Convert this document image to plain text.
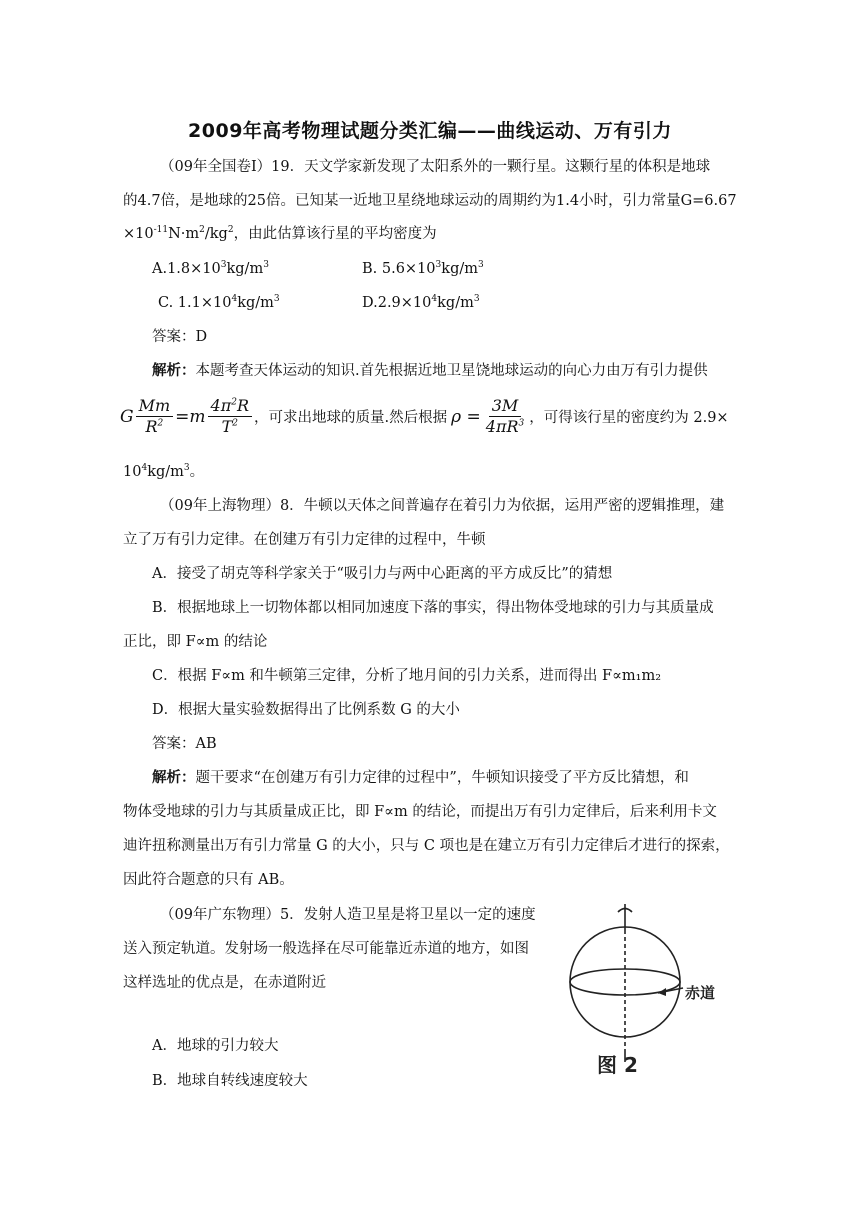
2009年高考物理试题分类汇编——曲线运动、万有引力
（09年全国卷Ⅰ）19．天文学家新发现了太阳系外的一颗行星。这颗行星的体积是地球
的4.7倍，是地球的25倍。已知某一近地卫星绕地球运动的周期约为1.4小时，引力常量G=6.67
$\times 10^{-11}N\cdot m^2/kg^2$，由此估算该行星的平均密度为
$A.1.8\times 10^3kg/m^3$	B. $5.6\times 10^3kg/m^3$
C. $1.1\times 10^4kg/m^3$	$D.2.9\times 10^4kg/m^3$
答案：D
解析：本题考查天体运动的知识.首先根据近地卫星饶地球运动的向心力由万有引力提供
G $\frac{Mm}{R^2} = m \frac{4\pi^2R}{T^2}$ ，可求出地球的质量.然后根据 $\rho = \frac{3M}{4\pi R^3}$ ，可得该行星的密度约为 2.9×
$10^4kg/m^3$。
（09年上海物理）8．牛顿以天体之间普遍存在着引力为依据，运用严密的逻辑推理，建
立了万有引力定律。在创建万有引力定律的过程中，牛顿
A．接受了胡克等科学家关于“吸引力与两中心距离的平方成反比”的猜想
B．根据地球上一切物体都以相同加速度下落的事实，得出物体受地球的引力与其质量成
正比，即 F∝m 的结论
C．根据 F∝m 和牛顿第三定律，分析了地月间的引力关系，进而得出 F∝m₁m₂
D．根据大量实验数据得出了比例系数 G 的大小
答案：AB
解析：题干要求“在创建万有引力定律的过程中”，牛顿知识接受了平方反比猜想，和
物体受地球的引力与其质量成正比，即 F∝m 的结论，而提出万有引力定律后，后来利用卡文
迪许扭称测量出万有引力常量 G 的大小，只与 C 项也是在建立万有引力定律后才进行的探索，
因此符合题意的只有 AB。
（09年广东物理）5．发射人造卫星是将卫星以一定的速度
送入预定轨道。发射场一般选择在尽可能靠近赤道的地方，如图
这样选址的优点是，在赤道附近
A．地球的引力较大
B．地球自转线速度较大
赤道
图 2
